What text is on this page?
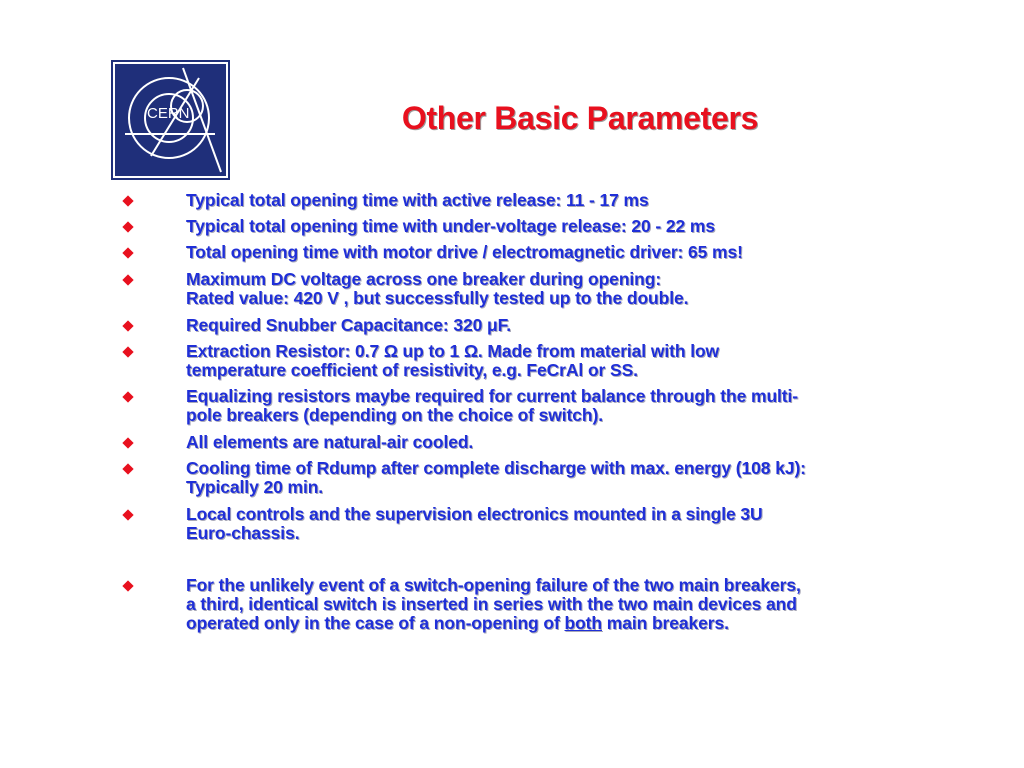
CERN	Other Basic Parameters
Typical total opening time with active release: 11 - 17 ms
Typical total opening time with under-voltage release: 20 - 22 ms
Total opening time with motor drive / electromagnetic driver: 65 ms!
Maximum DC voltage across one breaker during opening:
Rated value: 420 V , but successfully tested up to the double.
Required Snubber Capacitance: 320 μF.
Extraction Resistor: 0.7 Ω up to 1 Ω. Made from material with low
temperature coefficient of resistivity, e.g. FeCrAl or SS.
Equalizing resistors maybe required for current balance through the multi-
pole breakers (depending on the choice of switch).
All elements are natural-air cooled.
Cooling time of Rdump after complete discharge with max. energy (108 kJ):
Typically 20 min.
Local controls and the supervision electronics mounted in a single 3U
Euro-chassis.
For the unlikely event of a switch-opening failure of the two main breakers,
a third, identical switch is inserted in series with the two main devices and
operated only in the case of a non-opening of both main breakers.
